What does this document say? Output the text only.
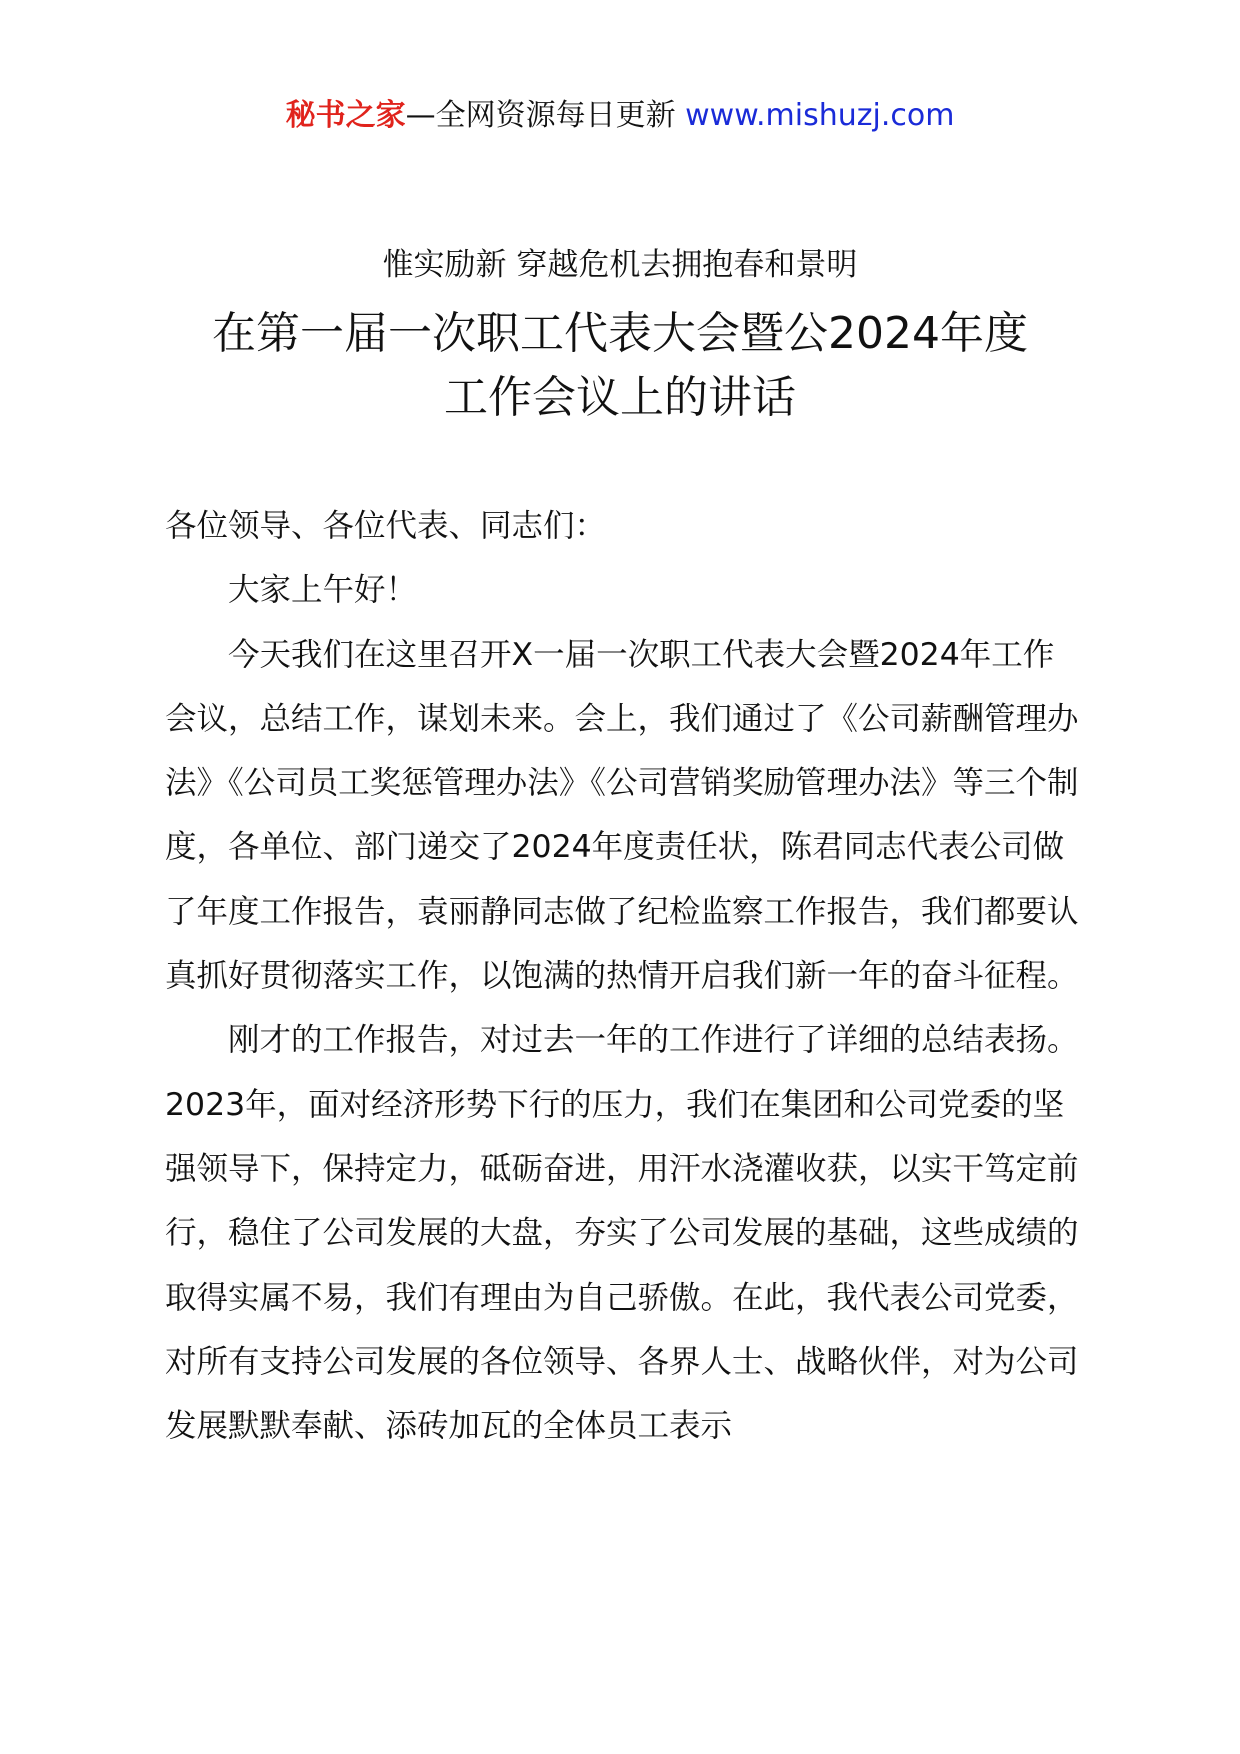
秘书之家—全网资源每日更新 www.mishuzj.com
惟实励新 穿越危机去拥抱春和景明
在第一届一次职工代表大会暨公2024年度
工作会议上的讲话

各位领导、各位代表、同志们：

大家上午好！

今天我们在这里召开X一届一次职工代表大会暨2024年工作会议，总结工作，谋划未来。会上，我们通过了《公司薪酬管理办法》《公司员工奖惩管理办法》《公司营销奖励管理办法》等三个制度，各单位、部门递交了2024年度责任状，陈君同志代表公司做了年度工作报告，袁丽静同志做了纪检监察工作报告，我们都要认真抓好贯彻落实工作，以饱满的热情开启我们新一年的奋斗征程。

刚才的工作报告，对过去一年的工作进行了详细的总结表扬。2023年，面对经济形势下行的压力，我们在集团和公司党委的坚强领导下，保持定力，砥砺奋进，用汗水浇灌收获，以实干笃定前行，稳住了公司发展的大盘，夯实了公司发展的基础，这些成绩的取得实属不易，我们有理由为自己骄傲。在此，我代表公司党委，对所有支持公司发展的各位领导、各界人士、战略伙伴，对为公司发展默默奉献、添砖加瓦的全体员工表示
